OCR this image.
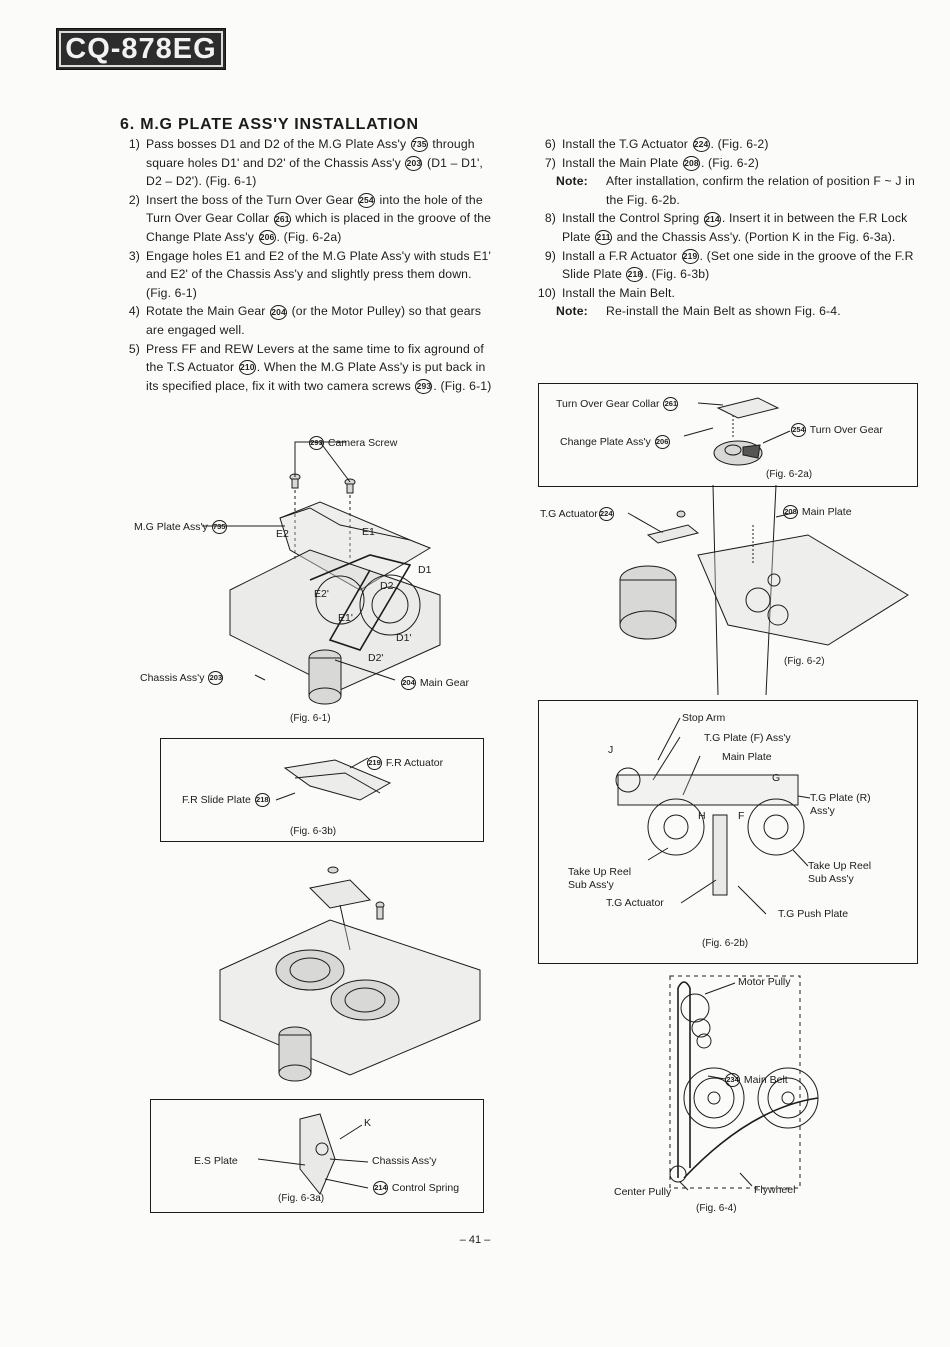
CQ-878EG
6. M.G PLATE ASS'Y INSTALLATION
1) Pass bosses D1 and D2 of the M.G Plate Ass'y 735 through square holes D1' and D2' of the Chassis Ass'y 203 (D1 – D1', D2 – D2'). (Fig. 6-1)
2) Insert the boss of the Turn Over Gear 254 into the hole of the Turn Over Gear Collar 261 which is placed in the groove of the Change Plate Ass'y 206 . (Fig. 6-2a)
3) Engage holes E1 and E2 of the M.G Plate Ass'y with studs E1' and E2' of the Chassis Ass'y and slightly press them down. (Fig. 6-1)
4) Rotate the Main Gear 204 (or the Motor Pulley) so that gears are engaged well.
5) Press FF and REW Levers at the same time to fix aground of the T.S Actuator 210 . When the M.G Plate Ass'y is put back in its specified place, fix it with two camera screws 293 . (Fig. 6-1)
6) Install the T.G Actuator 224 . (Fig. 6-2)
7) Install the Main Plate 208 . (Fig. 6-2)
Note:	After installation, confirm the relation of position F ~ J in the Fig. 6-2b.
8) Install the Control Spring 214 . Insert it in between the F.R Lock Plate 211 and the Chassis Ass'y. (Portion K in the Fig. 6-3a).
9) Install a F.R Actuator 219 . (Set one side in the groove of the F.R Slide Plate 218 . (Fig. 6-3b)
10) Install the Main Belt.
Note:	Re-install the Main Belt as shown Fig. 6-4.
293 Camera Screw
M.G Plate Ass'y 735	E1
E2
D1
D2
E2'
E1'
D1'
D2'
Chassis Ass'y 203
204 Main Gear
(Fig. 6-1)
219 F.R Actuator
F.R Slide Plate 218
(Fig. 6-3b)
K
E.S Plate	Chassis Ass'y
214 Control Spring
(Fig. 6-3a)
Turn Over Gear Collar 261
Change Plate Ass'y 206
254 Turn Over Gear
(Fig. 6-2a)
T.G Actuator 224	208 Main Plate
(Fig. 6-2)
Stop Arm
T.G Plate (F) Ass'y
Main Plate
J
G
H	F
T.G Plate (R)
Ass'y
Take Up Reel
Sub Ass'y
Take Up Reel
Sub Ass'y
T.G Actuator
T.G Push Plate
(Fig. 6-2b)
Motor Pully
234 Main Belt
Center Pully	Flywheel
(Fig. 6-4)
– 41 –
